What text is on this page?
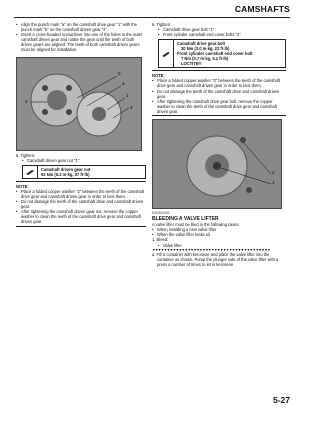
CAMSHAFTS
• Align the punch mark "a" on the camshaft drive gear "1" with the punch mark "b" on the camshaft driven gear "2".
• Insert a cross-headed screwdriver into one of the holes in the outer camshaft driven gear and rotate the gear until the teeth of both driven gears are aligned. The teeth of both camshaft driven gears must be aligned for installation.
b
a
2
1
3
5. Tighten:
• Camshaft driven gear nut "1"
Camshaft driven gear nut
52 Nm (5.2 m·kg, 37 ft·lb)
NOTE:
• Place a folded copper washer "2" between the teeth of the camshaft drive gear and camshaft driven gear in order to lock them.
• Do not damage the teeth of the camshaft drive and camshaft driven gear.
• After tightening the camshaft driven gear nut, remove the copper washer to clean the teeth of the camshaft drive gear and camshaft driven gear.
6. Tighten:
• Camshaft drive gear bolt "1"
• Front cylinder camshaft end cover bolts "2"
Camshaft drive gear bolt
30 Nm (3.0 m·kg, 22 ft·lb)
Front cylinder camshaft end cover bolt
7 Nm (0.7 m·kg, 5.1 ft·lb)
LOCTITE®
NOTE:
• Place a folded copper washer "3" between the teeth of the camshaft drive gear and camshaft driven gear in order to lock them.
• Do not damage the teeth of the camshaft drive and camshaft driven gear.
• After tightening the camshaft drive gear bolt, remove the copper washer to clean the teeth of the camshaft drive gear and camshaft driven gear.
2
1
EAS3A1032
BLEEDING A VALVE LIFTER
A valve lifter must be bled in the following cases.
• When installing a new valve lifter
• When the valve lifter leaks oil
1. Bleed:
• Valve lifter
▼▼▼▼▼▼▼▼▼▼▼▼▼▼▼▼▼▼▼▼▼▼▼▼▼▼▼▼▼▼▼▼▼▼▼▼▼▼▼▼
a. Fill a container with kerosene and place the valve lifter into the container as shown. Pump the plunger side of the valve lifter with a press a number of times to let in kerosene.
5-27
